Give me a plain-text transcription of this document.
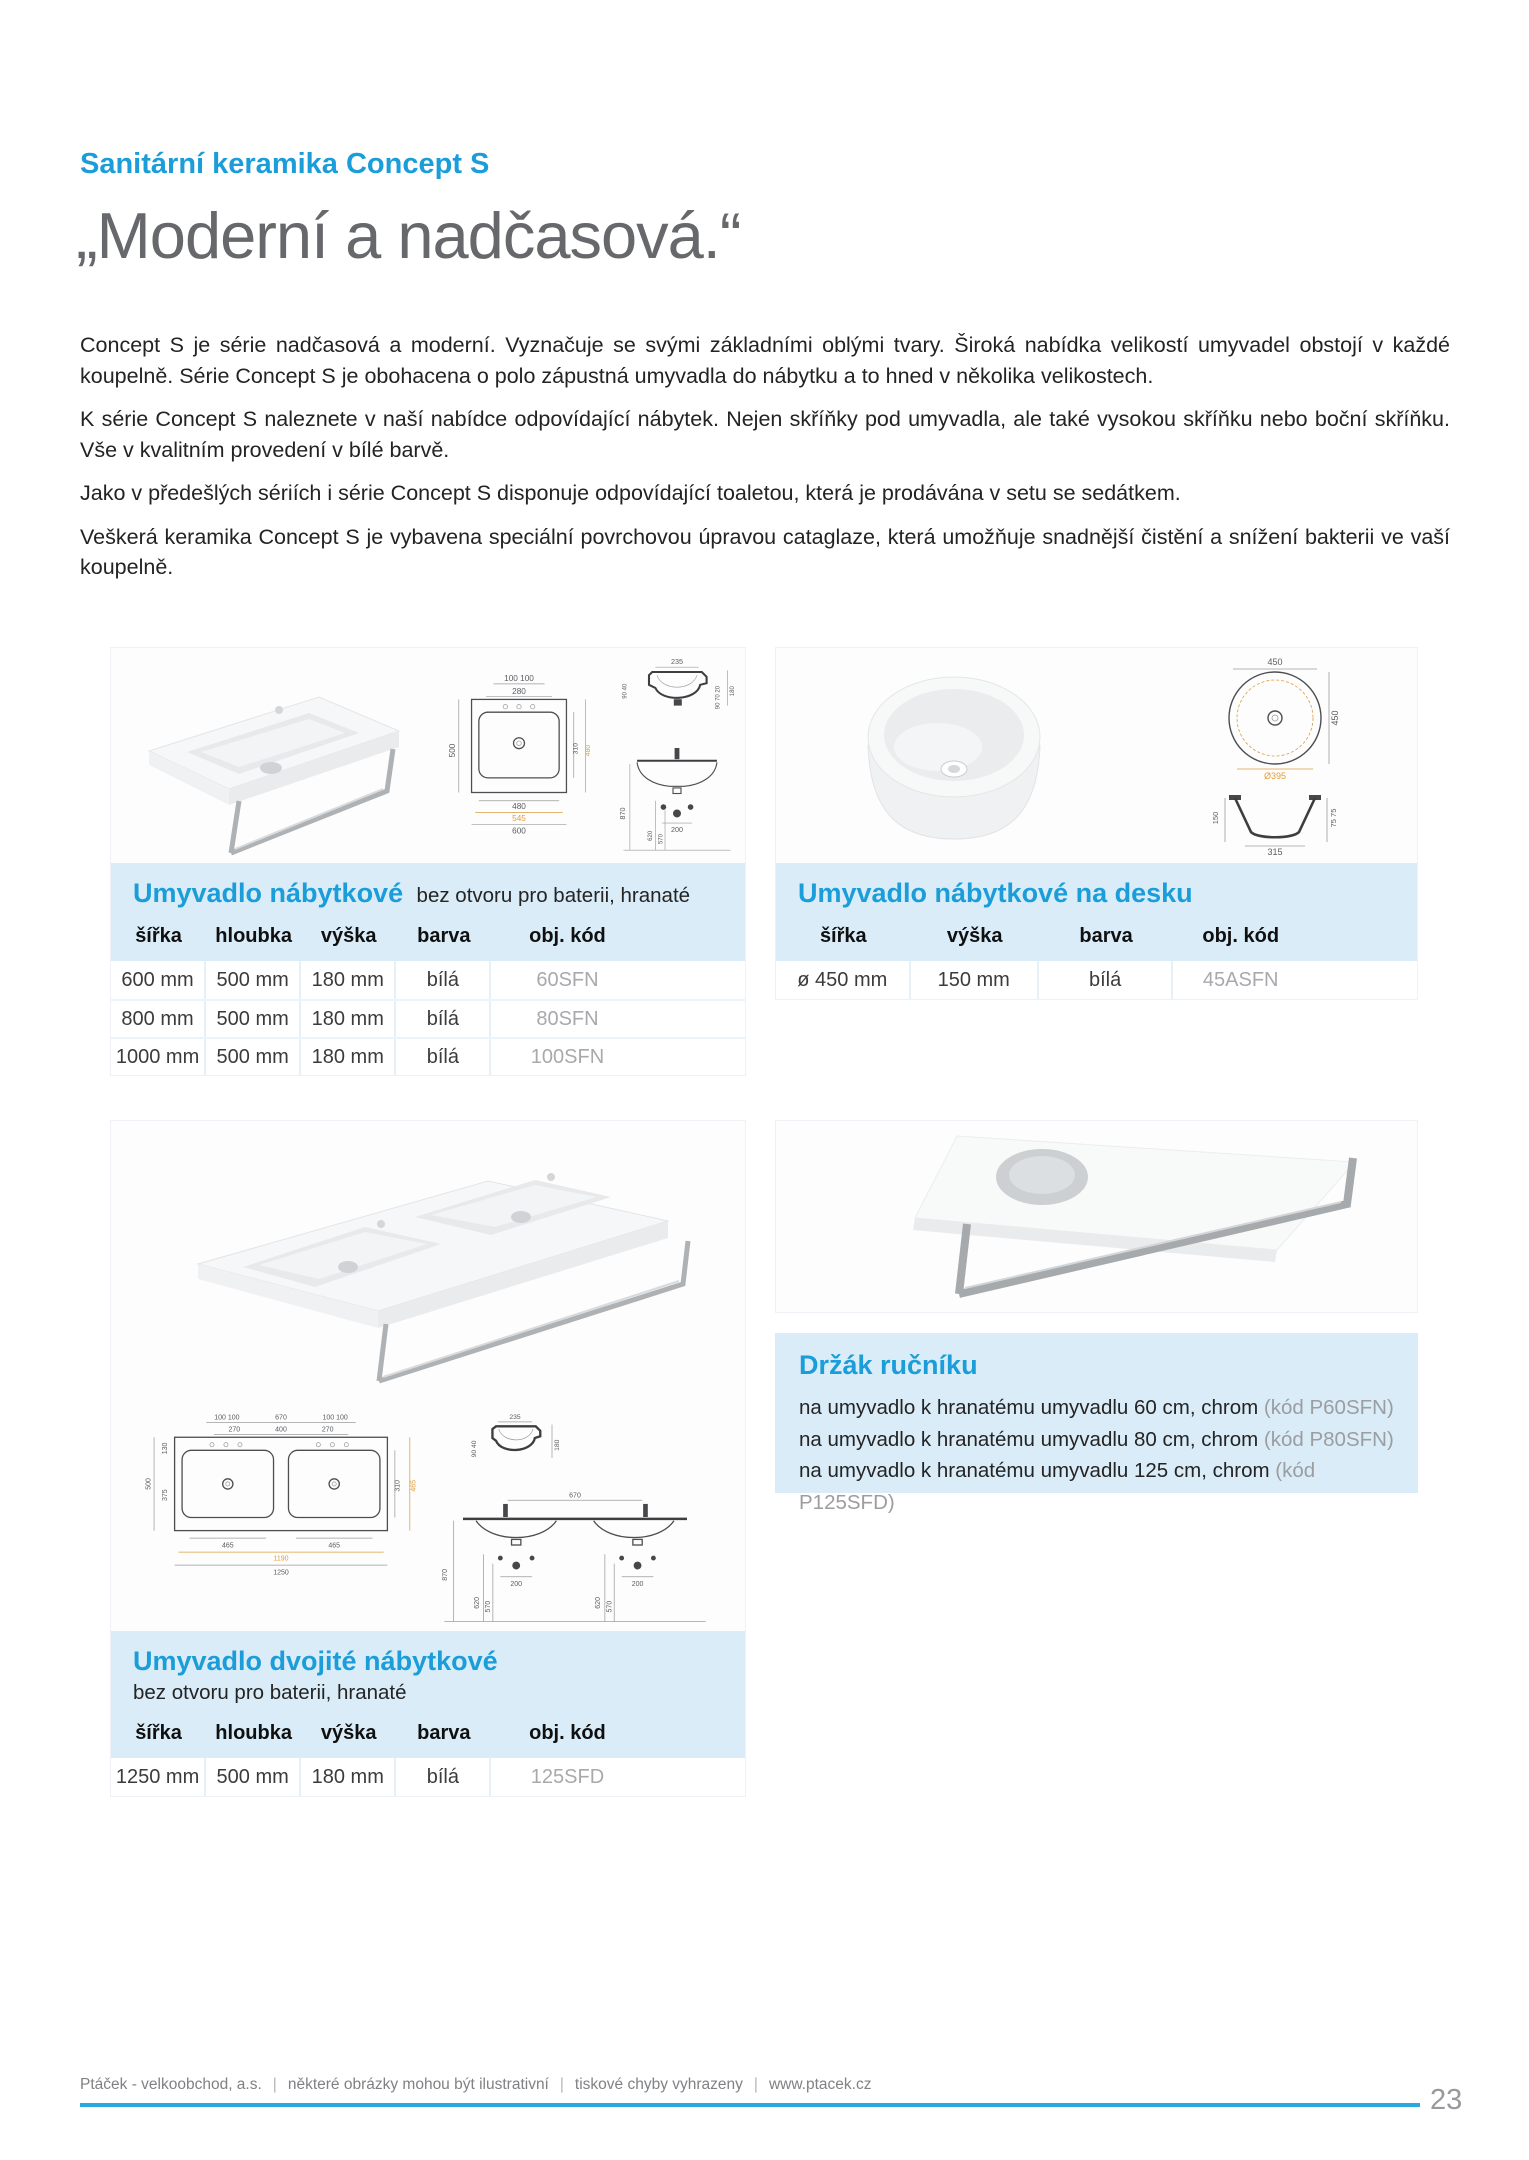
Sanitární keramika Concept S
„Moderní a nadčasová.“

Concept S je série nadčasová a moderní. Vyznačuje se svými základními oblými tvary. Široká nabídka velikostí umyvadel obstojí v každé koupelně. Série Concept S je obohacena o polo zápustná umyvadla do nábytku a to hned v několika velikostech.

K série Concept S naleznete v naší nabídce odpovídající nábytek. Nejen skříňky pod umyvadla, ale také vysokou skříňku nebo boční skříňku. Vše v kvalitním provedení v bílé barvě.

Jako v předešlých sériích i série Concept S disponuje odpovídající toaletou, která je prodávána v setu se sedátkem.

Veškerá keramika Concept S je vybavena speciální povrchovou úpravou cataglaze, která umožňuje snadnější čistění a snížení bakterii ve vaší koupelně.

100 100
280
500	310 480
480
545
600
235
90 40	90 70 20 180
200
870
620 570
Umyvadlo nábytkové bez otvoru pro baterii, hranaté
šířka	hloubka	výška	barva	obj. kód
600 mm	500 mm	180 mm	bílá	60SFN
800 mm	500 mm	180 mm	bílá	80SFN
1000 mm 500 mm	180 mm	bílá	100SFN
450
450
Ø395
150	75 75
315
Umyvadlo nábytkové na desku
šířka	výška	barva	obj. kód
ø 450 mm	150 mm	bílá	45ASFN
100 100	670	100 100
270	400	270
130
375
500	310 465
465	465
1190
1250
235
90 40	180
670
200	200
870
620 570	620 570
Umyvadlo dvojité nábytkové
bez otvoru pro baterii, hranaté
šířka	hloubka	výška	barva	obj. kód
1250 mm 500 mm	180 mm	bílá	125SFD
Držák ručníku
na umyvadlo k hranatému umyvadlu 60 cm, chrom (kód P60SFN)
na umyvadlo k hranatému umyvadlu 80 cm, chrom (kód P80SFN)
na umyvadlo k hranatému umyvadlu 125 cm, chrom (kód P125SFD)
Ptáček - velkoobchod, a.s. | některé obrázky mohou být ilustrativní | tiskové chyby vyhrazeny | www.ptacek.cz	23
